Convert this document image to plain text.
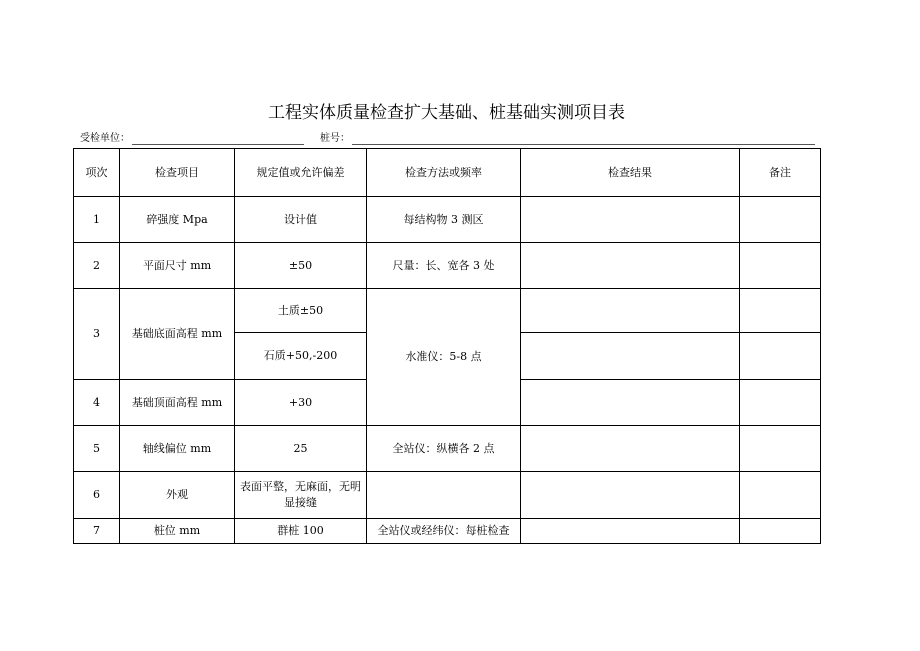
工程实体质量检查扩大基础、桩基础实测项目表
受检单位：	桩号：
项次	检查项目	规定值或允许偏差	检查方法或频率	检查结果	备注
1	碎强度 Mpa	设计值	每结构物 3 测区		
2	平面尺寸 mm	±50	尺量：长、宽各 3 处		
3	基础底面高程 mm	土质±50	水准仪：5-8 点		
		石质+50,-200			
4	基础顶面高程 mm	+30			
5	轴线偏位 mm	25	全站仪：纵横各 2 点		
6	外观	表面平整，无麻面，无明显接缝			
7	桩位 mm	群桩 100	全站仪或经纬仪：每桩检查		
